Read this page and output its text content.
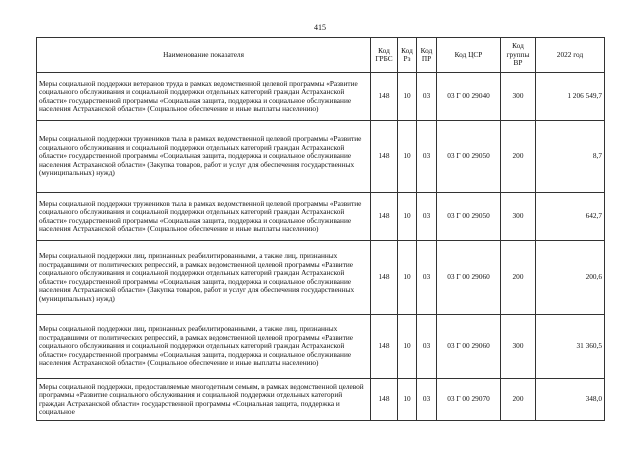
415
Наименование показателя	Код ГРБС	Код Рз	Код ПР	Код ЦСР	Код группы ВР	2022 год
Меры социальной поддержки ветеранов труда в рамках ведомственной целевой программы «Развитие социального обслуживания и социальной поддержки отдельных категорий граждан Астраханской области» государственной программы «Социальная защита, поддержка и социальное обслуживание населения Астраханской области» (Социальное обеспечение и иные выплаты населению)	148	10	03	03 Г 00 29040	300	1 206 549,7
Меры социальной поддержки тружеников тыла в рамках ведомственной целевой программы «Развитие социального обслуживания и социальной поддержки отдельных категорий граждан Астраханской области» государственной программы «Социальная защита, поддержка и социальное обслуживание населения Астраханской области» (Закупка товаров, работ и услуг для обеспечения государственных (муниципальных) нужд)	148	10	03	03 Г 00 29050	200	8,7
Меры социальной поддержки тружеников тыла в рамках ведомственной целевой программы «Развитие социального обслуживания и социальной поддержки отдельных категорий граждан Астраханской области» государственной программы «Социальная защита, поддержка и социальное обслуживание населения Астраханской области» (Социальное обеспечение и иные выплаты населению)	148	10	03	03 Г 00 29050	300	642,7
Меры социальной поддержки лиц, признанных реабилитированными, а также лиц, признанных пострадавшими от политических репрессий, в рамках ведомственной целевой программы «Развитие социального обслуживания и социальной поддержки отдельных категорий граждан Астраханской области» государственной программы «Социальная защита, поддержка и социальное обслуживание населения Астраханской области» (Закупка товаров, работ и услуг для обеспечения государственных (муниципальных) нужд)	148	10	03	03 Г 00 29060	200	200,6
Меры социальной поддержки лиц, признанных реабилитированными, а также лиц, признанных пострадавшими от политических репрессий, в рамках ведомственной целевой программы «Развитие социального обслуживания и социальной поддержки отдельных категорий граждан Астраханской области» государственной программы «Социальная защита, поддержка и социальное обслуживание населения Астраханской области» (Социальное обеспечение и иные выплаты населению)	148	10	03	03 Г 00 29060	300	31 360,5
Меры социальной поддержки, предоставляемые многодетным семьям, в рамках ведомственной целевой программы «Развитие социального обслуживания и социальной поддержки отдельных категорий граждан Астраханской области» государственной программы «Социальная защита, поддержка и социальное	148	10	03	03 Г 00 29070	200	348,0
